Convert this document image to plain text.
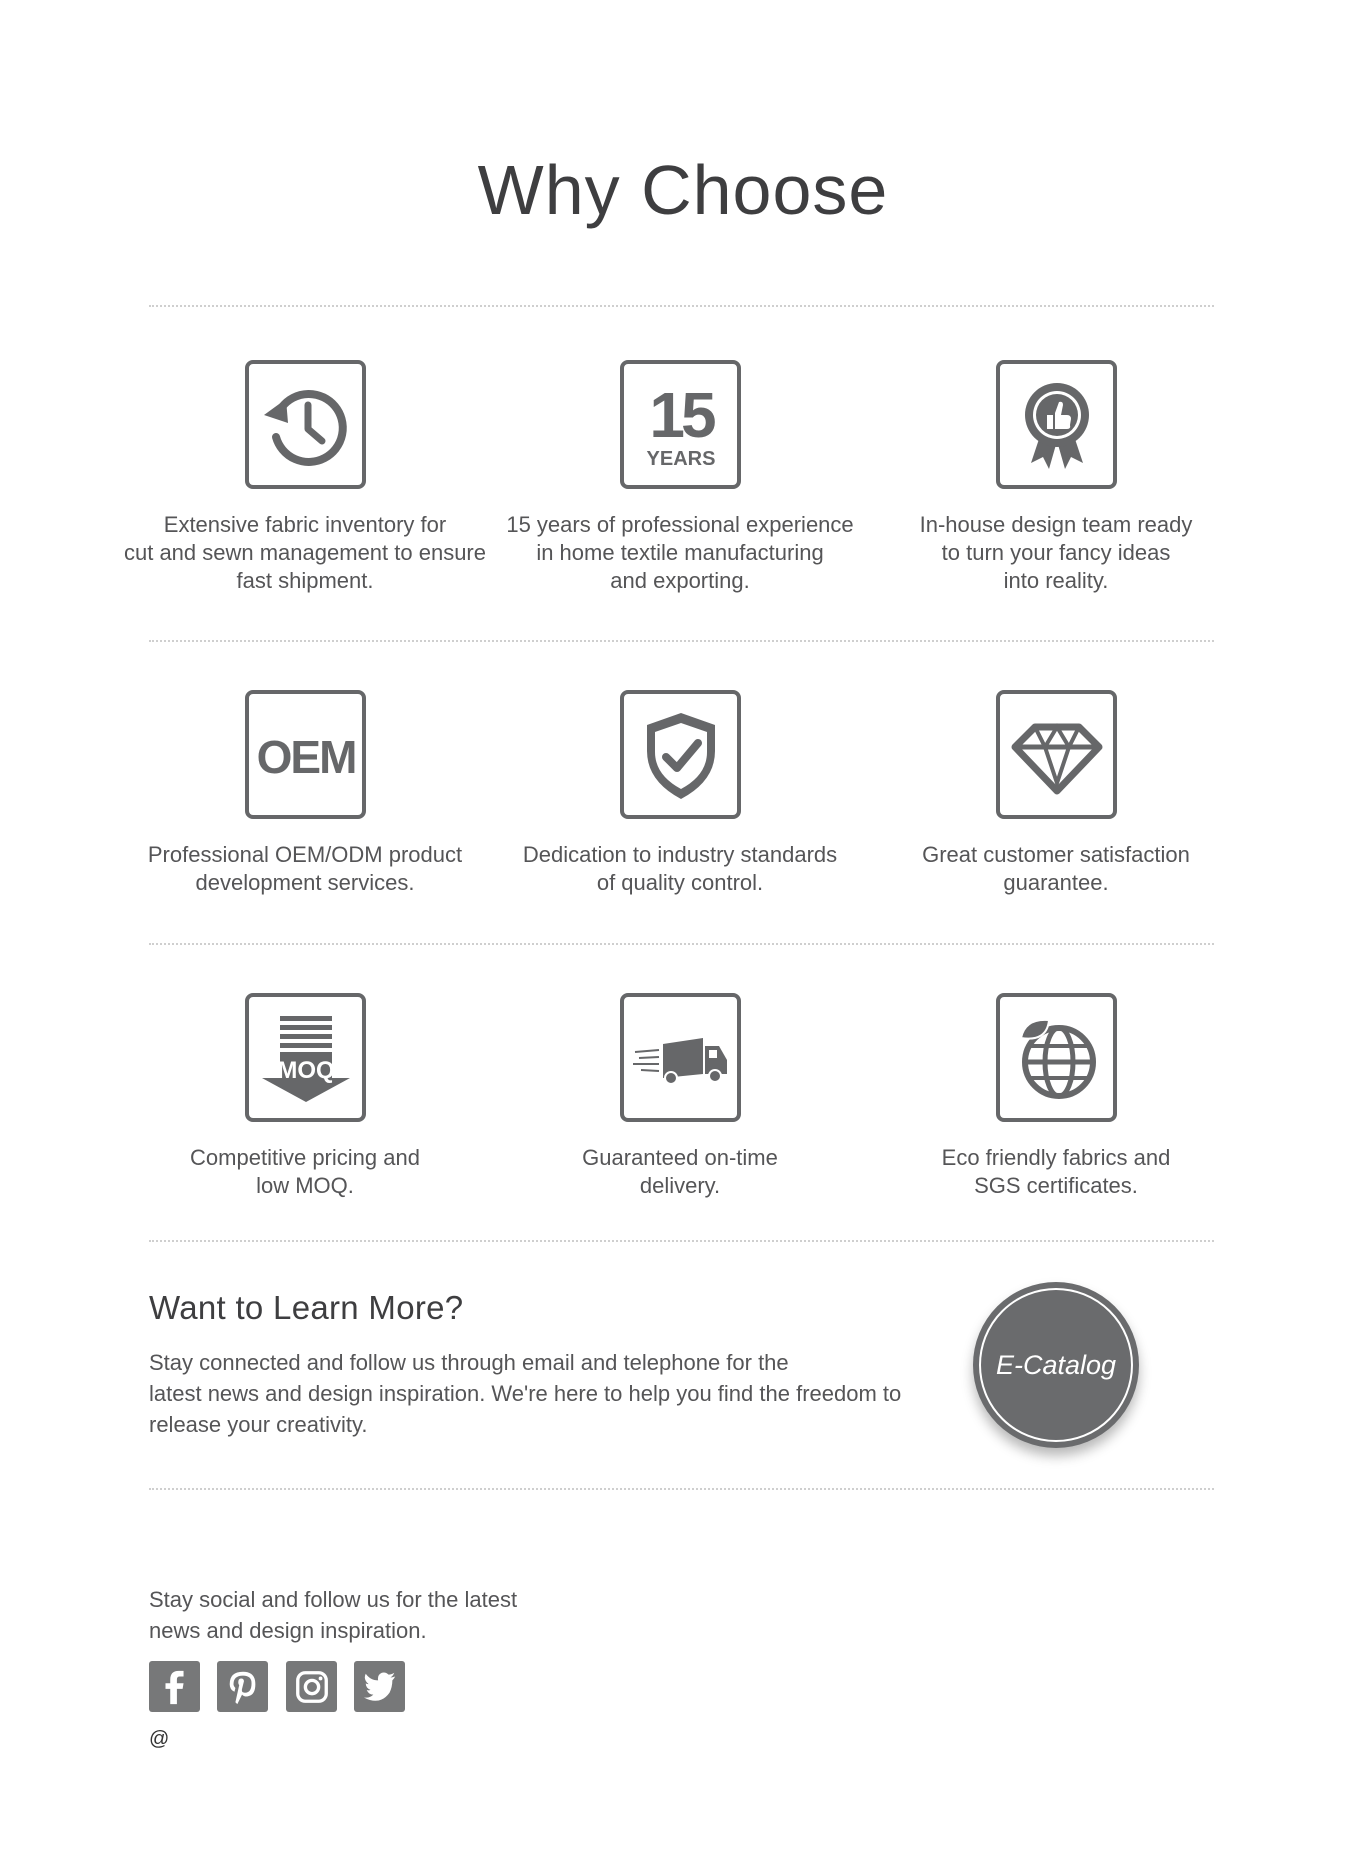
Why Choose
Extensive fabric inventory for
cut and sewn management to ensure
fast shipment.
15
YEARS
15 years of professional experience
in home textile manufacturing
and exporting.
In-house design team ready
to turn your fancy ideas
into reality.
OEM
Professional OEM/ODM product
development services.
Dedication to industry standards
of quality control.
Great customer satisfaction
guarantee.
MOQ
Competitive pricing and
low MOQ.
Guaranteed on-time
delivery.
Eco friendly fabrics and
SGS certificates.
Want to Learn More?
Stay connected and follow us through email and telephone for the
latest news and design inspiration. We're here to help you find the freedom to
release your creativity.
E-Catalog
Stay social and follow us for the latest
news and design inspiration.
@
